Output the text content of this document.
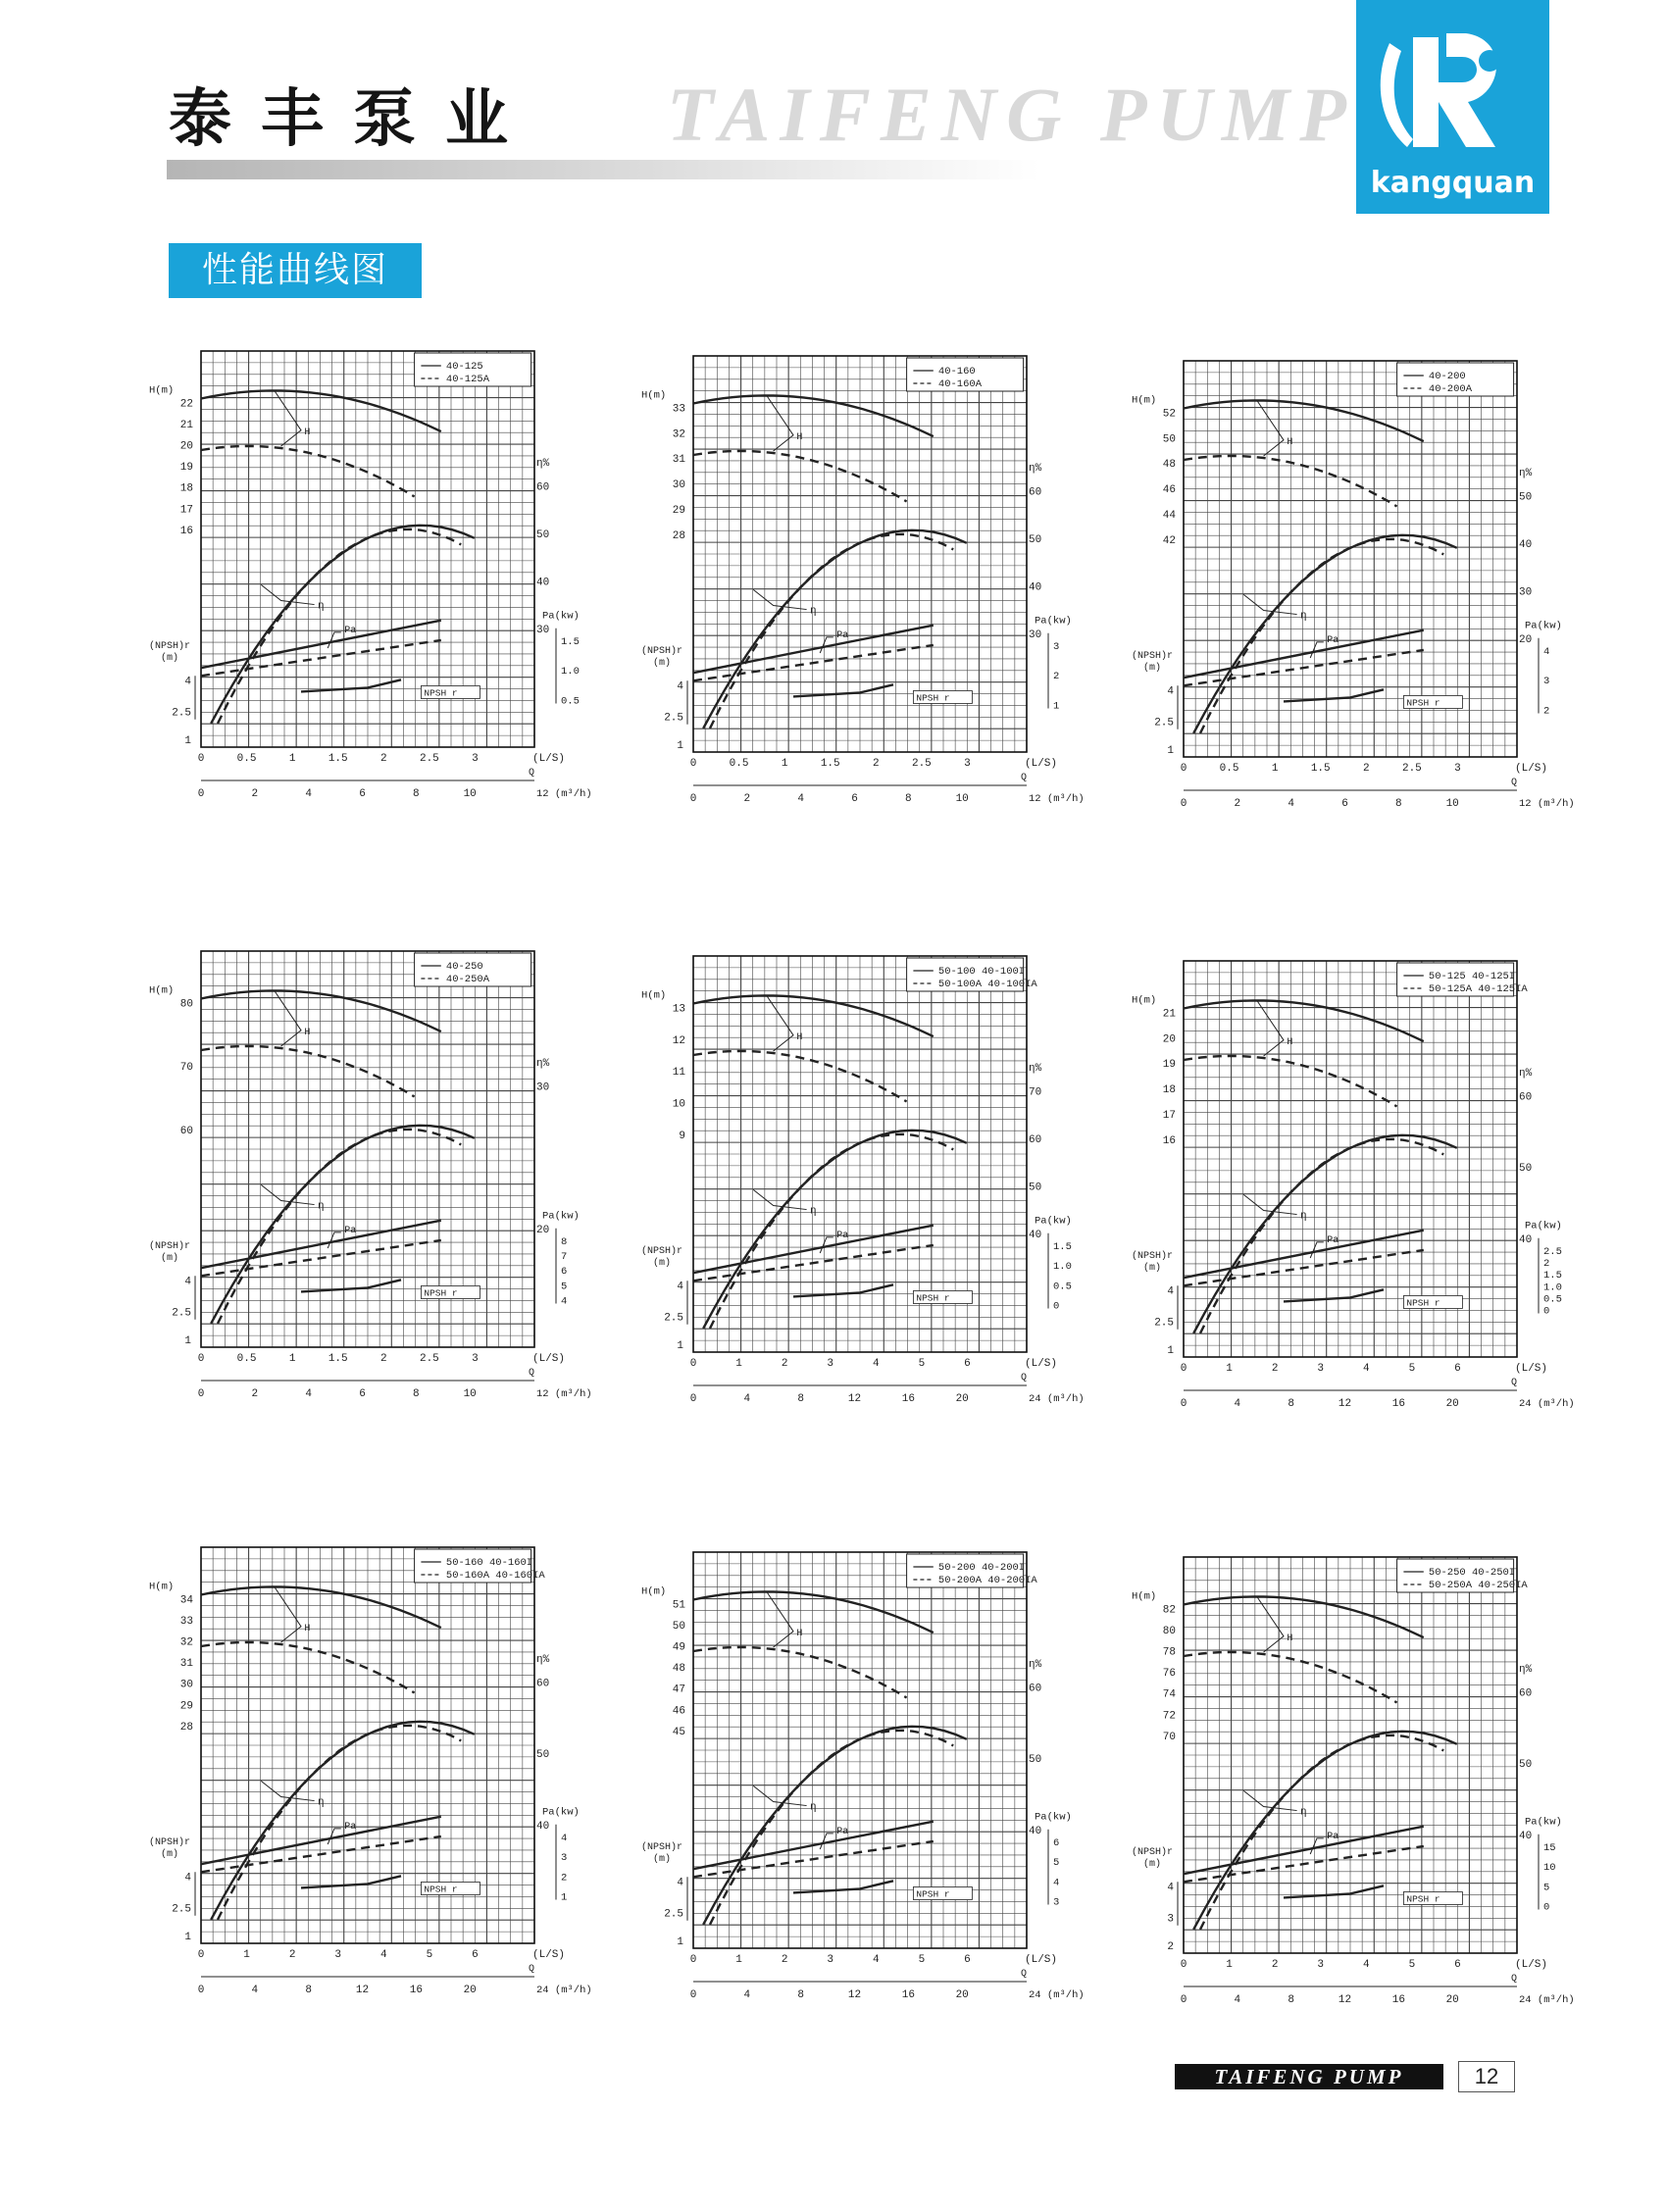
泰丰泵业 TAIFENG PUMP
kangquan
性能曲线图
40-125
40-125A
H
η
Pa
NPSH r
H(m)
22
21
20
19
18
17
16
(NPSH)r
(m)
4
2.5
1
η%
60
50
40
30
Pa(kw)
1.5
1.0
0.5
0	0.5	1	1.5	2	2.5	3	(L/S)
Q
0	2	4	6	8	10	12 (m³/h)
40-160
40-160A
H
η
Pa
NPSH r
H(m)
33
32
31
30
29
28
(NPSH)r
(m)
4
2.5
1
η%
60
50
40
30
Pa(kw)
3
2
1
0	0.5	1	1.5	2	2.5	3	(L/S)
Q
0	2	4	6	8	10	12 (m³/h)
40-200
40-200A
H
η
Pa
NPSH r
H(m)
52
50
48
46
44
42
(NPSH)r
(m)
4
2.5
1
η%
50
40
30
20
Pa(kw)
4
3
2
0	0.5	1	1.5	2	2.5	3	(L/S)
Q
0	2	4	6	8	10	12 (m³/h)
40-250
40-250A
H
η
Pa
NPSH r
H(m)
80
70
60
(NPSH)r
(m)
4
2.5
1
η%
30
20
Pa(kw)
8
7
6
5
4
0	0.5	1	1.5	2	2.5	3	(L/S)
Q
0	2	4	6	8	10	12 (m³/h)
50-100 40-100I
50-100A 40-100IA
H
η
Pa
NPSH r
H(m)
13
12
11
10
9
(NPSH)r
(m)
4
2.5
1
η%
70
60
50
40
Pa(kw)
1.5
1.0
0.5
0
0	1	2	3	4	5	6	(L/S)
Q
0	4	8	12	16	20	24 (m³/h)
50-125 40-125I
50-125A 40-125IA
H
η
Pa
NPSH r
H(m)
21
20
19
18
17
16
(NPSH)r
(m)
4
2.5
1
η%
60
50
40
Pa(kw)
2.5
2
1.5
1.0
0.5
0
0	1	2	3	4	5	6	(L/S)
Q
0	4	8	12	16	20	24 (m³/h)
50-160 40-160I
50-160A 40-160IA
H
η
Pa
NPSH r
H(m)
34
33
32
31
30
29
28
(NPSH)r
(m)
4
2.5
1
η%
60
50
40
Pa(kw)
4
3
2
1
0	1	2	3	4	5	6	(L/S)
Q
0	4	8	12	16	20	24 (m³/h)
50-200 40-200I
50-200A 40-200IA
H
η
Pa
NPSH r
H(m)
51
50
49
48
47
46
45
(NPSH)r
(m)
4
2.5
1
η%
60
50
40
Pa(kw)
6
5
4
3
0	1	2	3	4	5	6	(L/S)
Q
0	4	8	12	16	20	24 (m³/h)
50-250 40-250I
50-250A 40-250IA
H
η
Pa
NPSH r
H(m)
82
80
78
76
74
72
70
(NPSH)r
(m)
4
3
2
η%
60
50
40
Pa(kw)
15
10
5
0
0	1	2	3	4	5	6	(L/S)
Q
0	4	8	12	16	20	24 (m³/h)
TAIFENG PUMP	12
